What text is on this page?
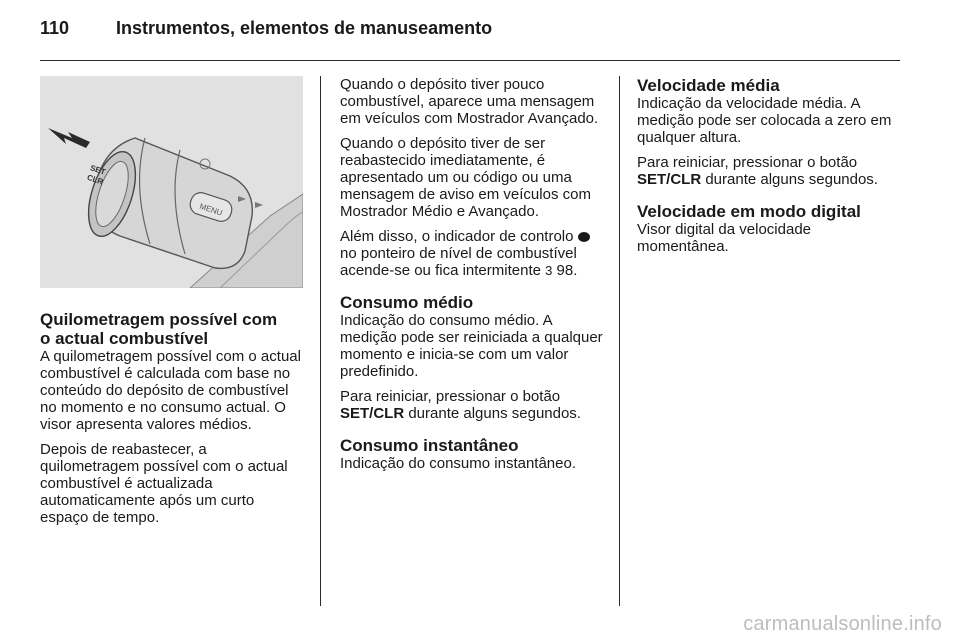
110	Instrumentos, elementos de manuseamento
MENU
SET
CLR
Quilometragem possível com
o actual combustível

A quilometragem possível com o actual combustível é calculada com base no conteúdo do depósito de combustível no momento e no consumo actual. O visor apresenta valores médios.

Depois de reabastecer, a quilometragem possível com o actual combustível é actualizada automaticamente após um curto espaço de tempo.

Quando o depósito tiver pouco combustível, aparece uma mensagem em veículos com Mostrador Avançado.

Quando o depósito tiver de ser reabastecido imediatamente, é apresentado um ou código ou uma mensagem de aviso em veículos com Mostrador Médio e Avançado.

Além disso, o indicador de controlo  no ponteiro de nível de combustível acende-se ou fica intermitente 3 98.

Consumo médio

Indicação do consumo médio. A medição pode ser reiniciada a qualquer momento e inicia-se com um valor predefinido.

Para reiniciar, pressionar o botão SET/CLR durante alguns segundos.

Consumo instantâneo

Indicação do consumo instantâneo.

Velocidade média

Indicação da velocidade média. A medição pode ser colocada a zero em qualquer altura.

Para reiniciar, pressionar o botão SET/CLR durante alguns segundos.

Velocidade em modo digital

Visor digital da velocidade momentânea.

carmanualsonline.info
